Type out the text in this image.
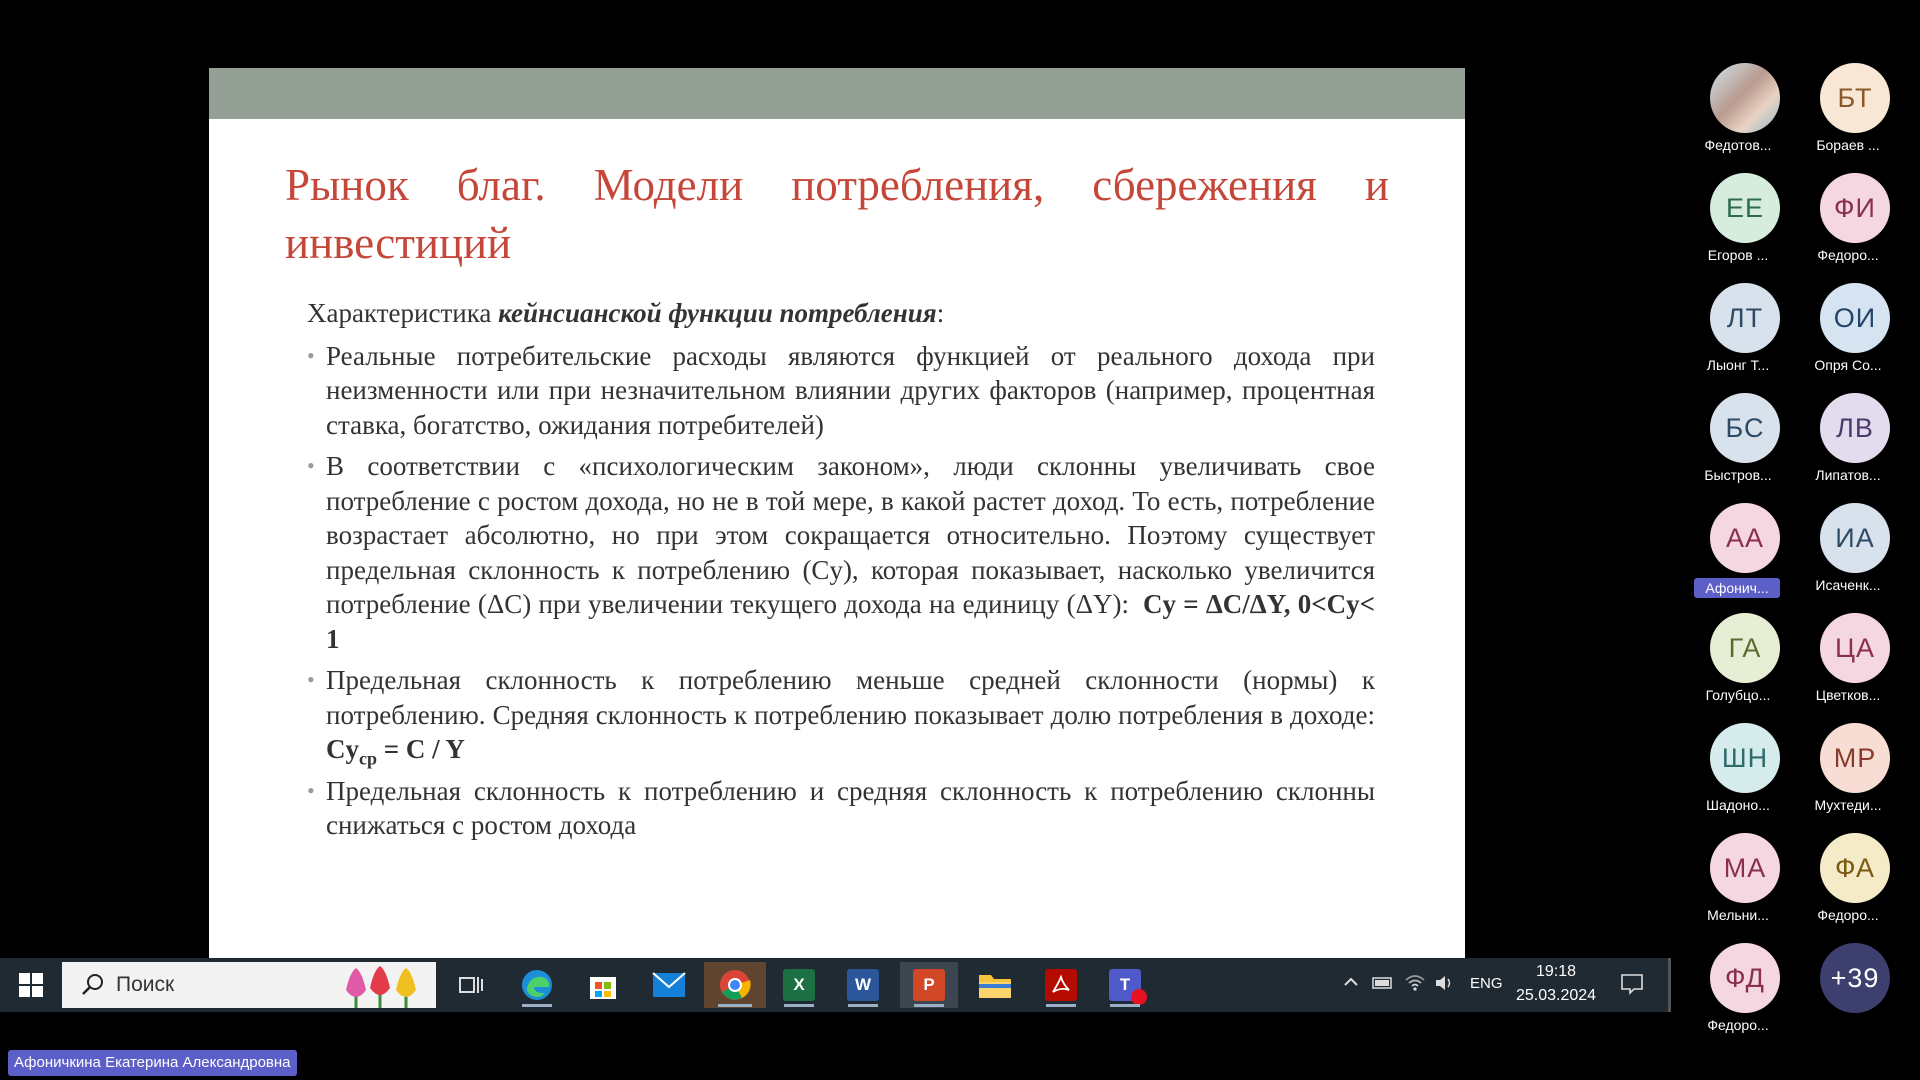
Рынок благ. Модели потребления, сбережения и
инвестиций
Характеристика кейнсианской функции потребления:
• Реальные потребительские расходы являются функцией от реального дохода при неизменности или при незначительном влиянии других факторов (например, процентная ставка, богатство, ожидания потребителей)
• В соответствии с «психологическим законом», люди склонны увеличивать свое потребление с ростом дохода, но не в той мере, в какой растет доход. То есть, потребление возрастает абсолютно, но при этом сокращается относительно. Поэтому существует предельная склонность к потреблению (Cy), которая показывает, насколько увеличится потребление (ΔC) при увеличении текущего дохода на единицу (ΔY): Cy = ΔC/ΔY, 0<Cy< 1
• Предельная склонность к потреблению меньше средней склонности (нормы) к потреблению. Средняя склонность к потреблению показывает долю потребления в доходе: $Cy_{ср} = C / Y$
• Предельная склонность к потреблению и средняя склонность к потреблению склонны снижаться с ростом дохода
Поиск	X	W	P	T	ENG
19:18
25.03.2024
Афоничкина Екатерина Александровна
Федотов...
БТ
Бораев ...
ЕЕ
Егоров ...
ФИ
Федоро...
ЛТ
Лыонг Т...
ОИ
Опря Со...
БС
Быстров...
ЛВ
Липатов...
АА
Афонич...
ИА
Исаченк...
ГА
Голубцо...
ЦА
Цветков...
ШН
Шадоно...
МР
Мухтеди...
МА
Мельни...
ФА
Федоро...
ФД
Федоро...
+39
